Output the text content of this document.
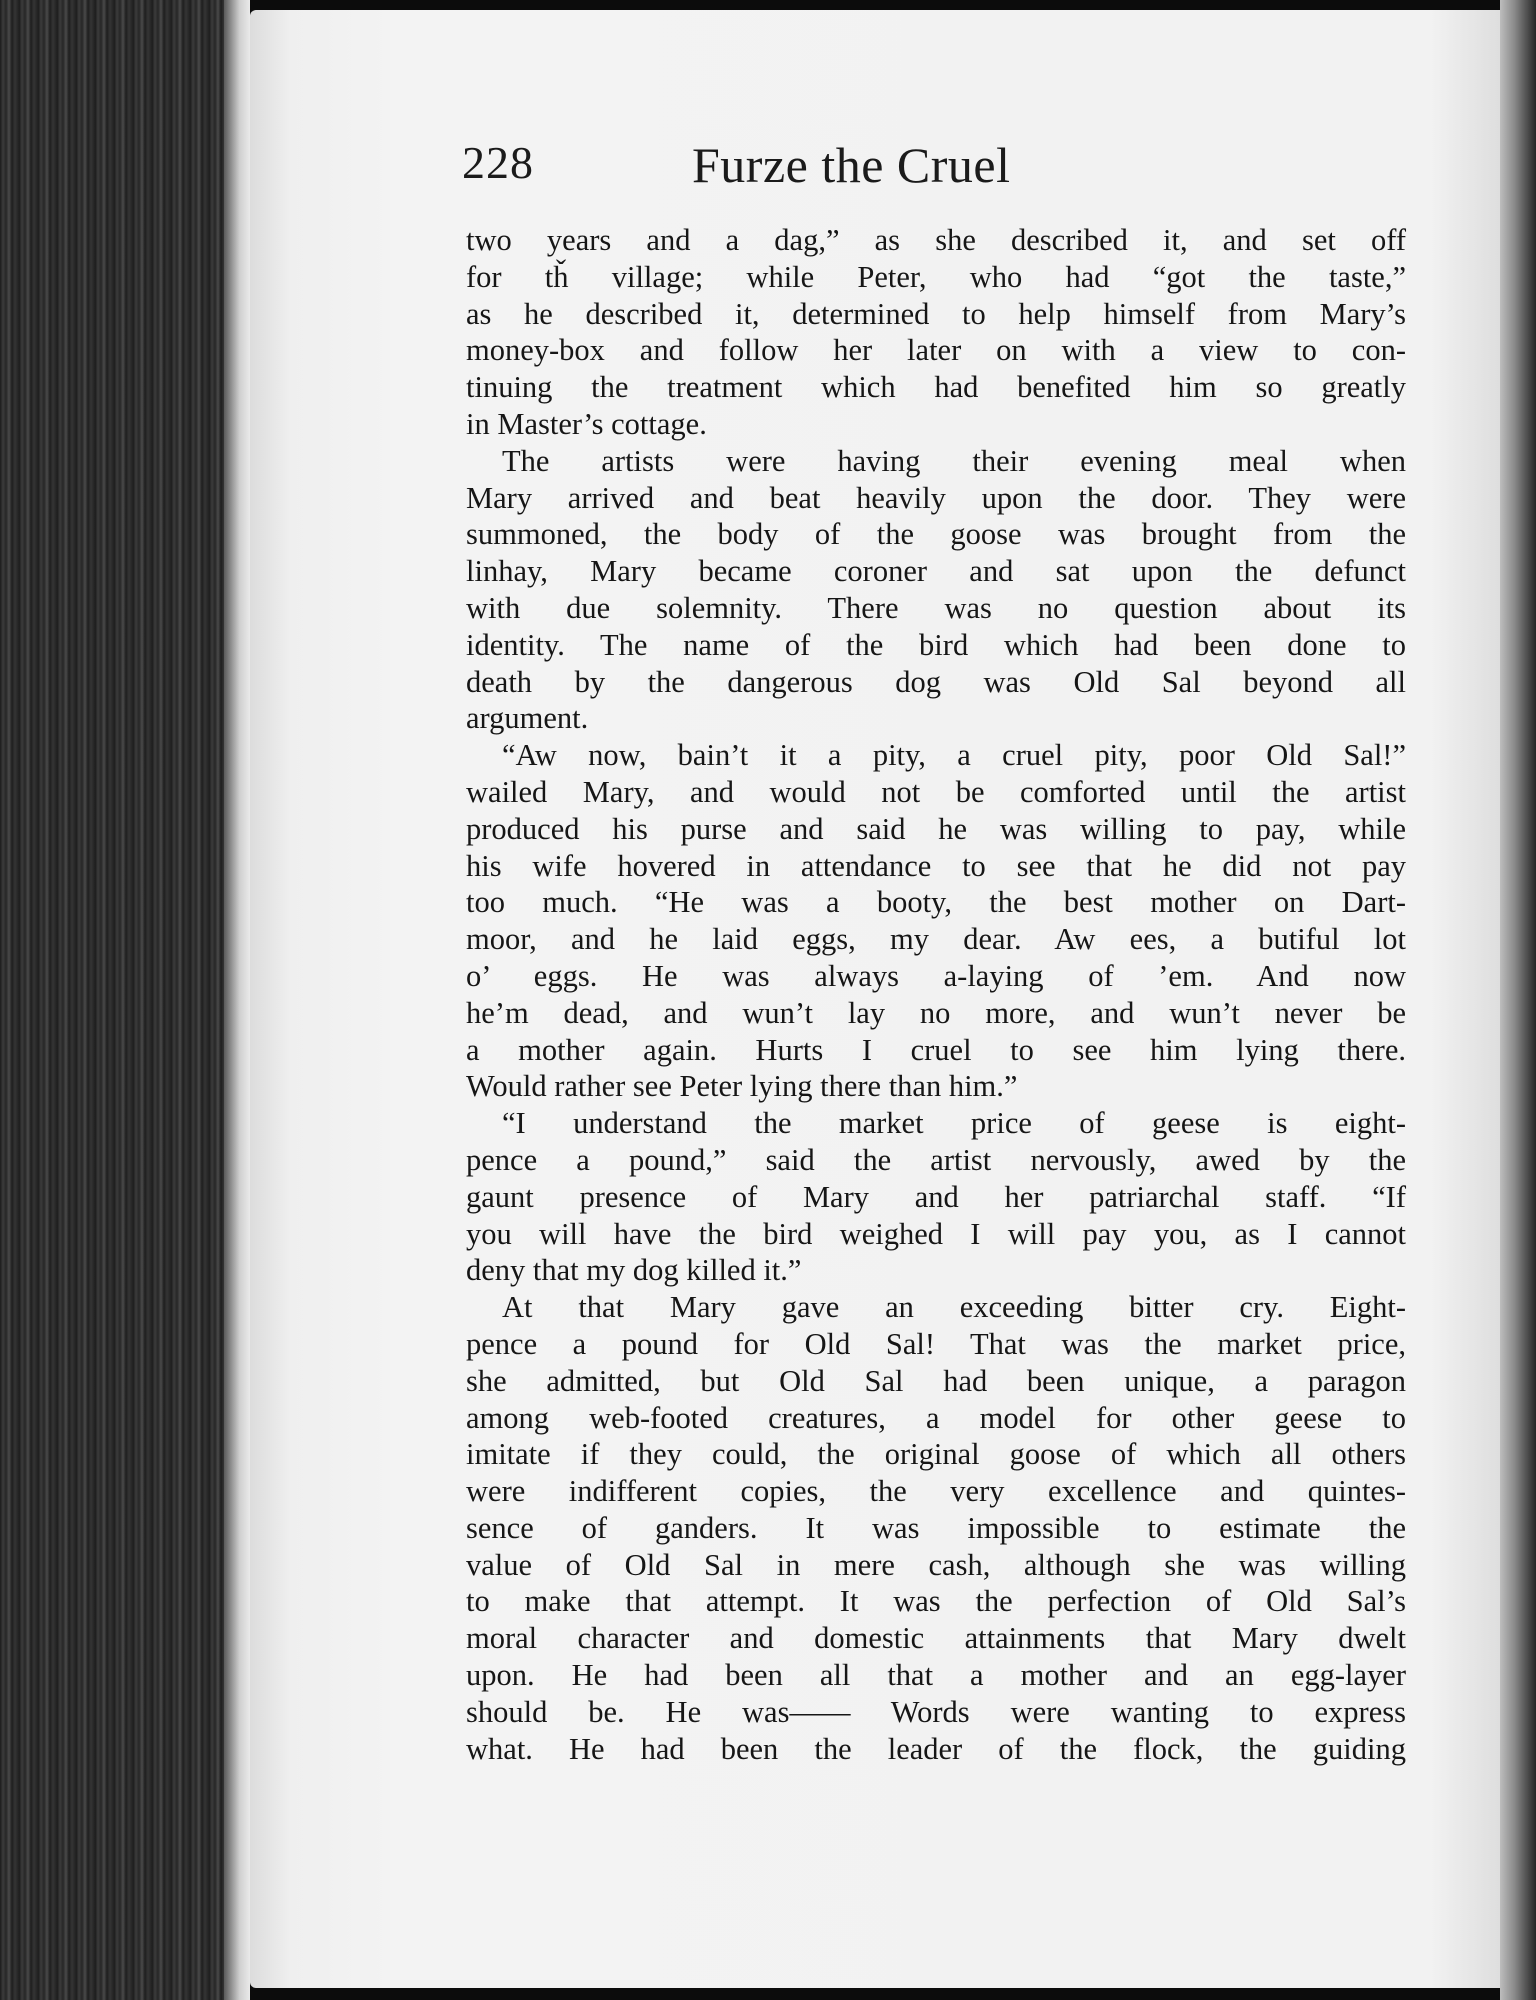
228	Furze the Cruel
two years and a dag,” as she described it, and set off
for tȟ village; while Peter, who had “got the taste,”
as he described it, determined to help himself from Mary’s
money-box and follow her later on with a view to con-
tinuing the treatment which had benefited him so greatly
in Master’s cottage.
The artists were having their evening meal when
Mary arrived and beat heavily upon the door. They were
summoned, the body of the goose was brought from the
linhay, Mary became coroner and sat upon the defunct
with due solemnity. There was no question about its
identity. The name of the bird which had been done to
death by the dangerous dog was Old Sal beyond all
argument.
“Aw now, bain’t it a pity, a cruel pity, poor Old Sal!”
wailed Mary, and would not be comforted until the artist
produced his purse and said he was willing to pay, while
his wife hovered in attendance to see that he did not pay
too much. “He was a booty, the best mother on Dart-
moor, and he laid eggs, my dear. Aw ees, a butiful lot
o’ eggs. He was always a-laying of ’em. And now
he’m dead, and wun’t lay no more, and wun’t never be
a mother again. Hurts I cruel to see him lying there.
Would rather see Peter lying there than him.”
“I understand the market price of geese is eight-
pence a pound,” said the artist nervously, awed by the
gaunt presence of Mary and her patriarchal staff. “If
you will have the bird weighed I will pay you, as I cannot
deny that my dog killed it.”
At that Mary gave an exceeding bitter cry. Eight-
pence a pound for Old Sal! That was the market price,
she admitted, but Old Sal had been unique, a paragon
among web-footed creatures, a model for other geese to
imitate if they could, the original goose of which all others
were indifferent copies, the very excellence and quintes-
sence of ganders. It was impossible to estimate the
value of Old Sal in mere cash, although she was willing
to make that attempt. It was the perfection of Old Sal’s
moral character and domestic attainments that Mary dwelt
upon. He had been all that a mother and an egg-layer
should be. He was—— Words were wanting to express
what. He had been the leader of the flock, the guiding
